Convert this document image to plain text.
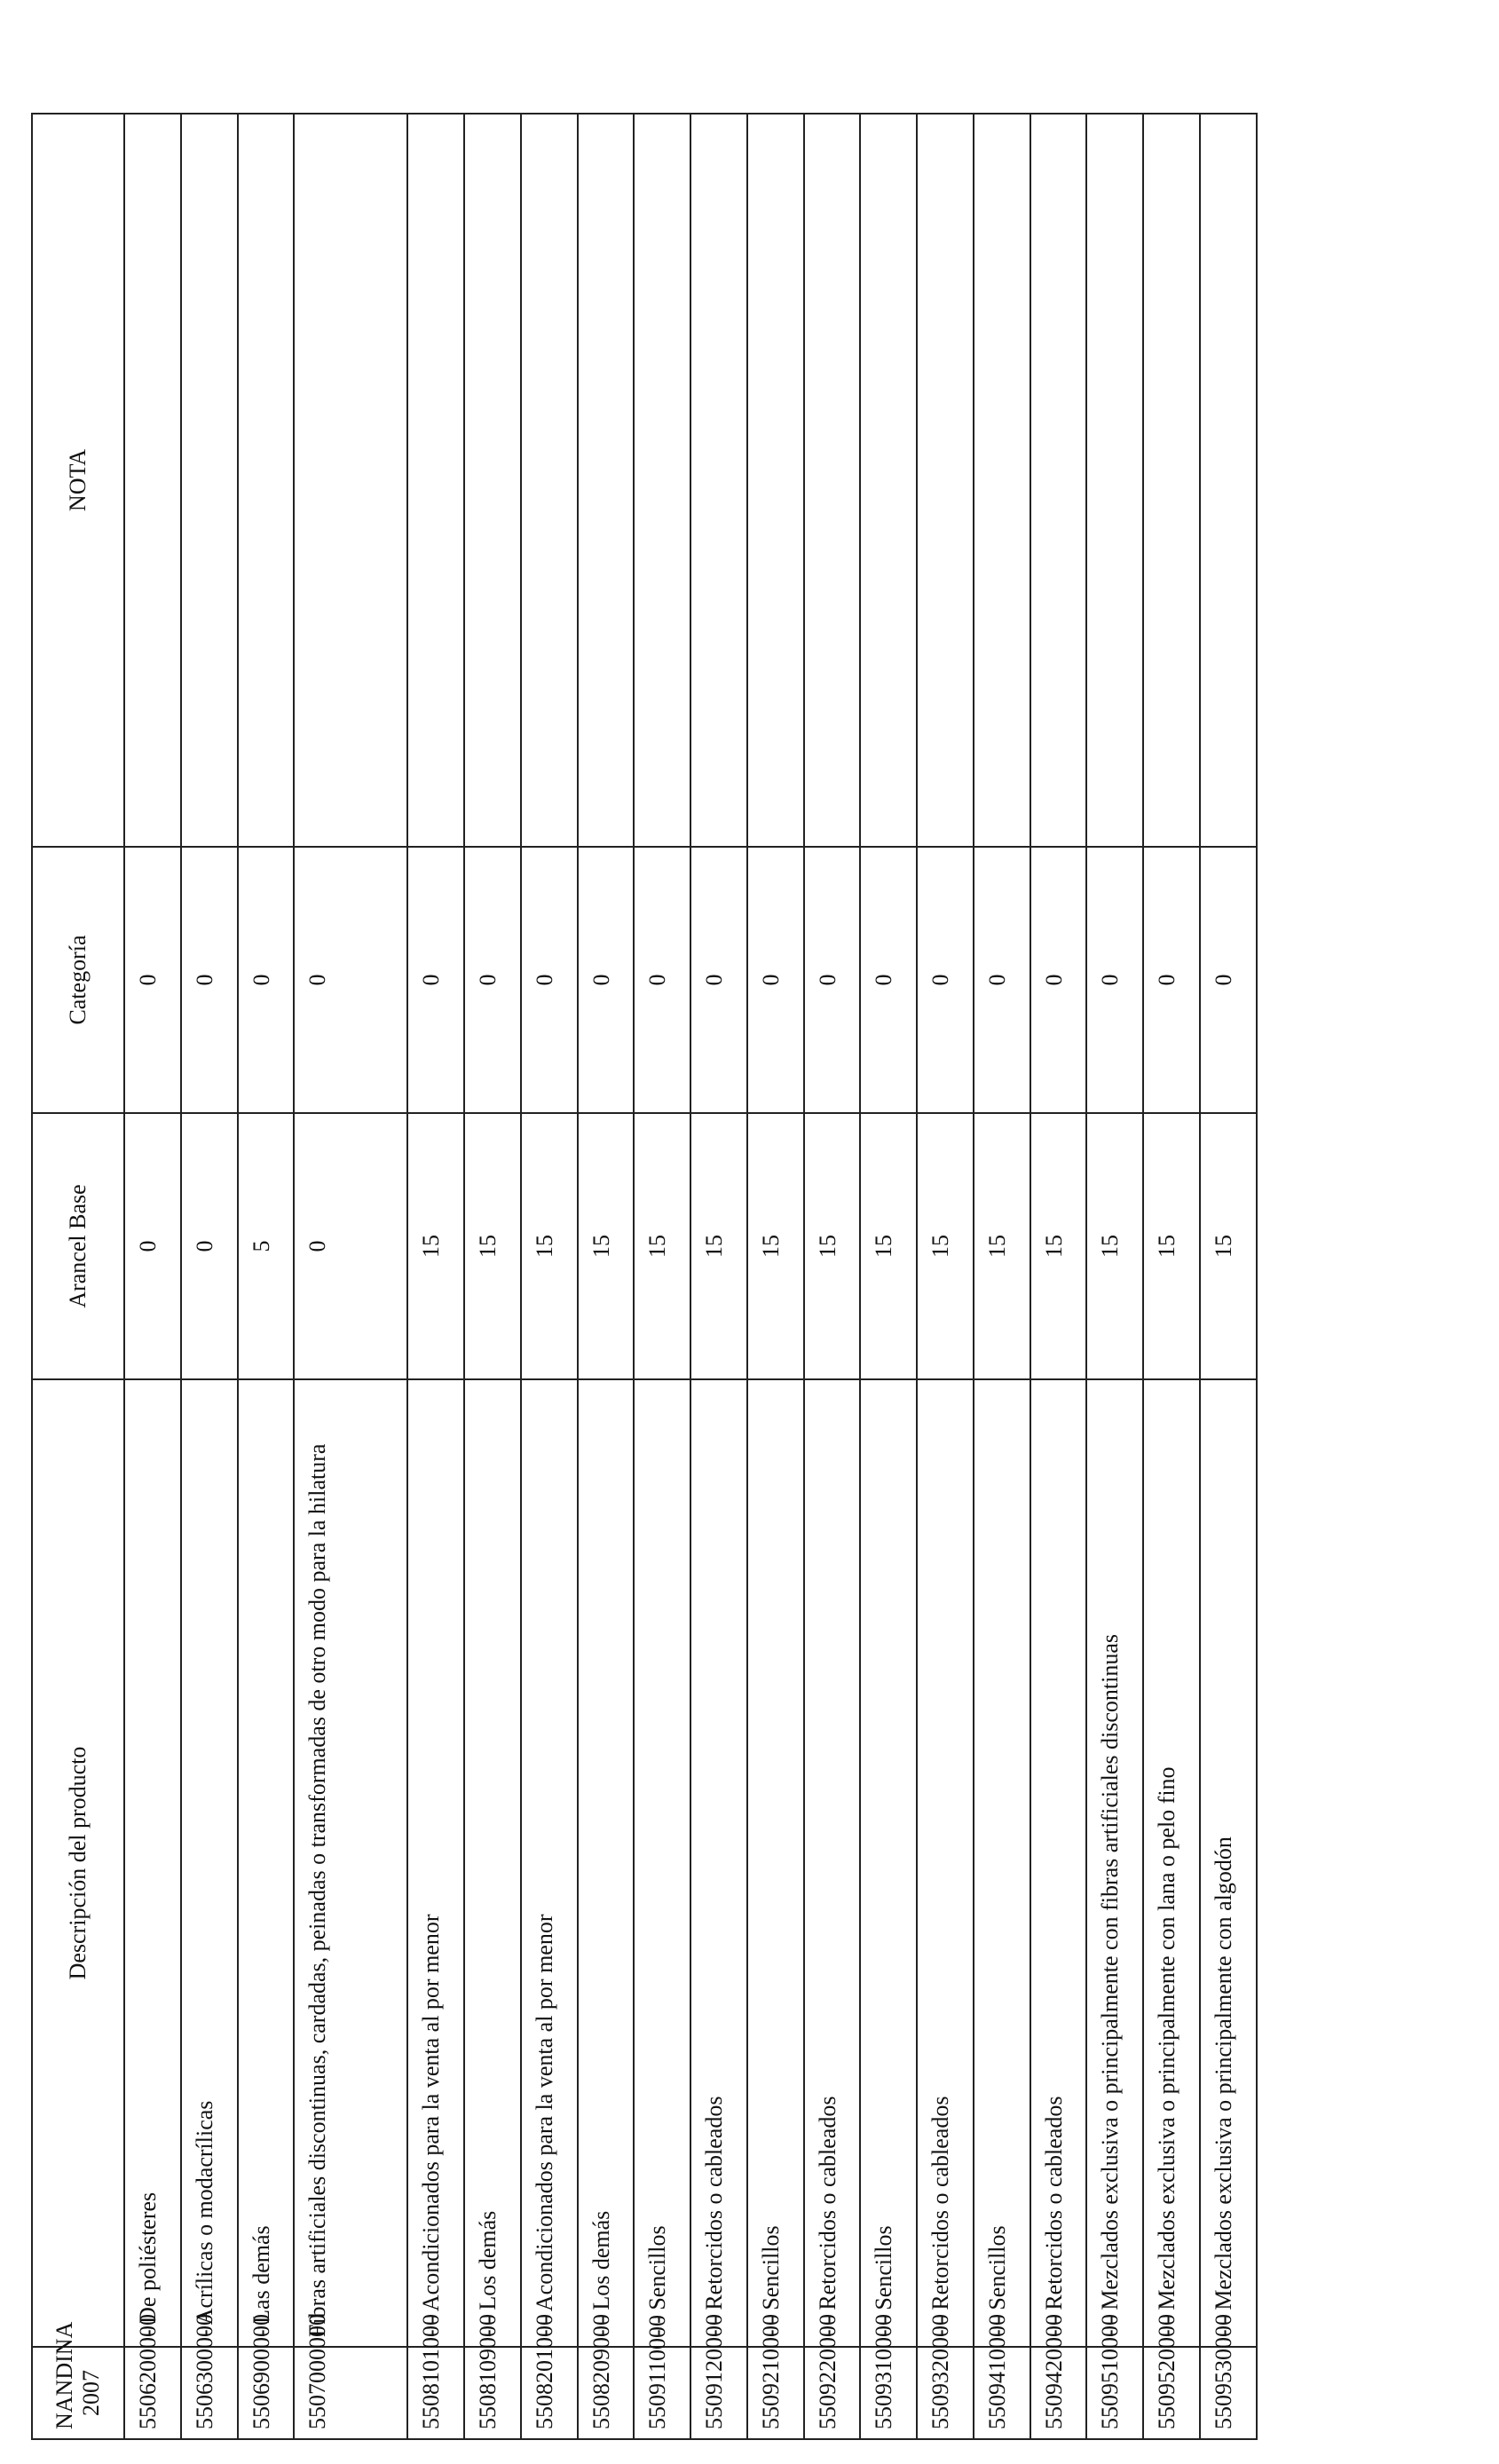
NANDINA
2007	Descripción del producto	Arancel Base	Categoría	NOTA
5506200000	- De poliésteres	0	0	
5506300000	- Acrílicas o modacrílicas	0	0	
5506900000	- Las demás	5	0	
5507000000	Fibras artificiales discontinuas, cardadas, peinadas o transformadas de otro modo para la hilatura	0	0	
5508101000	- - Acondicionados para la venta al por menor	15	0	
5508109000	- - Los demás	15	0	
5508201000	- - Acondicionados para la venta al por menor	15	0	
5508209000	- - Los demás	15	0	
5509110000	- - Sencillos	15	0	
5509120000	- - Retorcidos o cableados	15	0	
5509210000	- - Sencillos	15	0	
5509220000	- - Retorcidos o cableados	15	0	
5509310000	- - Sencillos	15	0	
5509320000	- - Retorcidos o cableados	15	0	
5509410000	- - Sencillos	15	0	
5509420000	- - Retorcidos o cableados	15	0	
5509510000	- - Mezclados exclusiva o principalmente con fibras artificiales discontinuas	15	0	
5509520000	- - Mezclados exclusiva o principalmente con lana o pelo fino	15	0	
5509530000	- - Mezclados exclusiva o principalmente con algodón	15	0	
